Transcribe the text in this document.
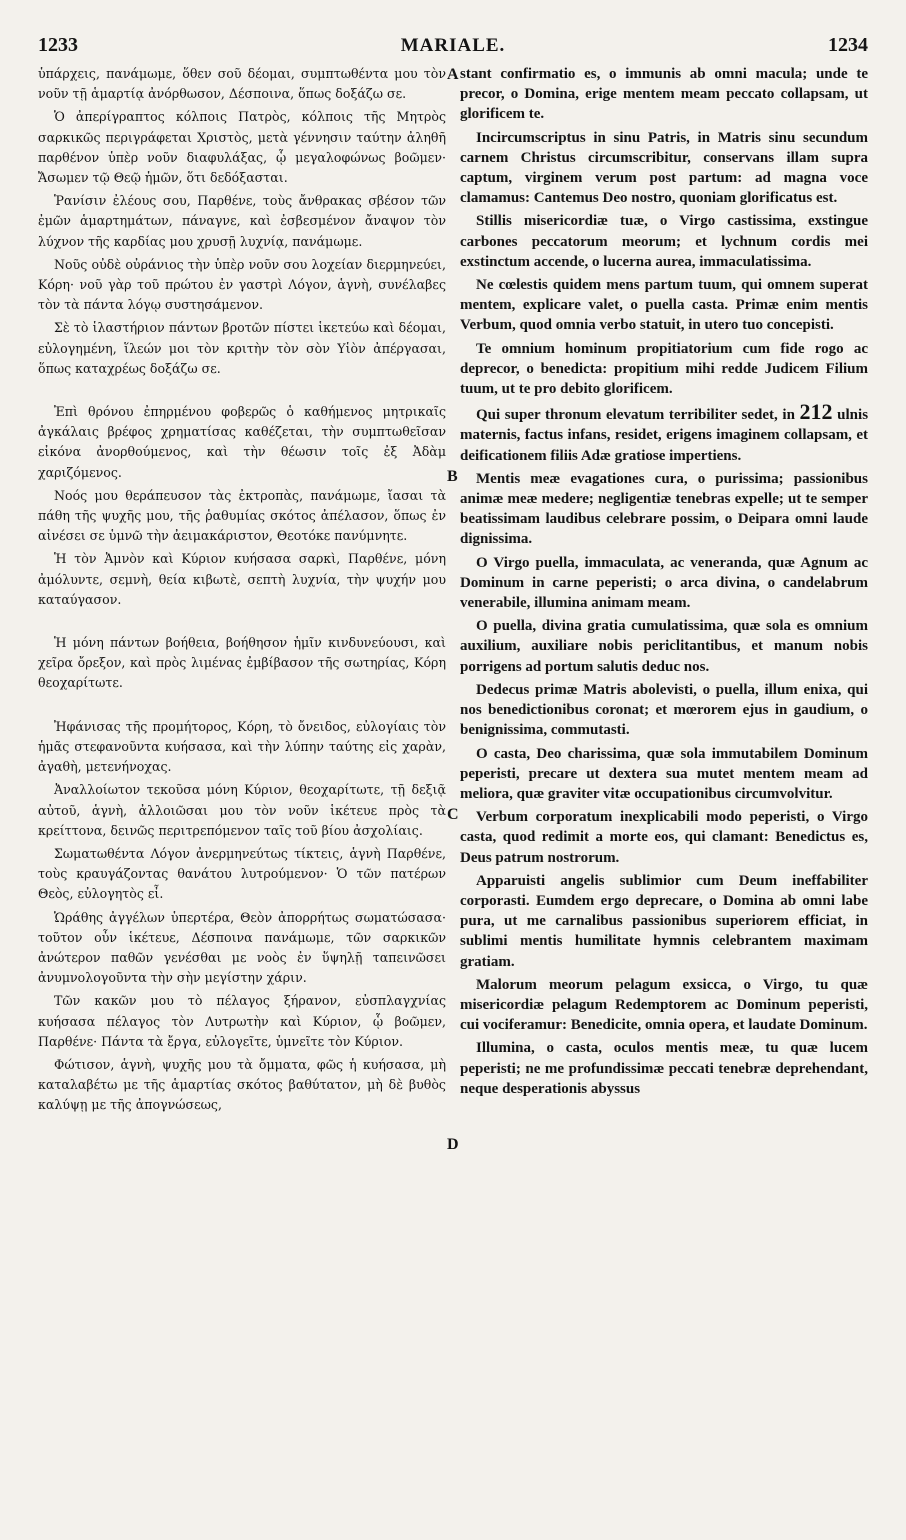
1233	MARIALE.	1234
A
B
C
D

ὑπάρχεις, πανάμωμε, ὅθεν σοῦ δέομαι, συμπτωθέντα μου τὸν νοῦν τῇ ἁμαρτίᾳ ἀνόρθωσον, Δέσποινα, ὅπως δοξάζω σε.

Ὁ ἀπερίγραπτος κόλποις Πατρὸς, κόλποις τῆς Μητρὸς σαρκικῶς περιγράφεται Χριστὸς, μετὰ γέννησιν ταύτην ἀληθῆ παρθένον ὑπὲρ νοῦν διαφυλάξας, ᾧ μεγαλοφώνως βοῶμεν· Ἄσωμεν τῷ Θεῷ ἡμῶν, ὅτι δεδόξασται.

Ῥανίσιν ἐλέους σου, Παρθένε, τοὺς ἄνθρακας σβέσον τῶν ἐμῶν ἁμαρτημάτων, πάναγνε, καὶ ἐσβεσμένον ἄναψον τὸν λύχνον τῆς καρδίας μου χρυσῇ λυχνίᾳ, πανάμωμε.

Νοῦς οὐδὲ οὐράνιος τὴν ὑπὲρ νοῦν σου λοχείαν διερμηνεύει, Κόρη· νοῦ γὰρ τοῦ πρώτου ἐν γαστρὶ Λόγον, ἁγνὴ, συνέλαβες τὸν τὰ πάντα λόγῳ συστησάμενον.

Σὲ τὸ ἱλαστήριον πάντων βροτῶν πίστει ἱκετεύω καὶ δέομαι, εὐλογημένη, ἵλεών μοι τὸν κριτὴν τὸν σὸν Υἱὸν ἀπέργασαι, ὅπως καταχρέως δοξάζω σε.

Ἐπὶ θρόνου ἐπηρμένου φοβερῶς ὁ καθήμενος μητρικαῖς ἀγκάλαις βρέφος χρηματίσας καθέζεται, τὴν συμπτωθεῖσαν εἰκόνα ἀνορθούμενος, καὶ τὴν θέωσιν τοῖς ἐξ Ἀδὰμ χαριζόμενος.

Νοός μου θεράπευσον τὰς ἐκτροπὰς, πανάμωμε, ἴασαι τὰ πάθη τῆς ψυχῆς μου, τῆς ῥαθυμίας σκότος ἀπέλασον, ὅπως ἐν αἰνέσει σε ὑμνῶ τὴν ἀειμακάριστον, Θεοτόκε πανύμνητε.

Ἡ τὸν Ἀμνὸν καὶ Κύριον κυήσασα σαρκὶ, Παρθένε, μόνη ἀμόλυντε, σεμνὴ, θεία κιβωτὲ, σεπτὴ λυχνία, τὴν ψυχήν μου καταύγασον.

Ἡ μόνη πάντων βοήθεια, βοήθησον ἡμῖν κινδυνεύουσι, καὶ χεῖρα ὄρεξον, καὶ πρὸς λιμένας ἐμβίβασον τῆς σωτηρίας, Κόρη θεοχαρίτωτε.

Ἠφάνισας τῆς προμήτορος, Κόρη, τὸ ὄνειδος, εὐλογίαις τὸν ἡμᾶς στεφανοῦντα κυήσασα, καὶ τὴν λύπην ταύτης εἰς χαρὰν, ἀγαθὴ, μετενήνοχας.

Ἀναλλοίωτον τεκοῦσα μόνη Κύριον, θεοχαρίτωτε, τῇ δεξιᾷ αὐτοῦ, ἁγνὴ, ἀλλοιῶσαι μου τὸν νοῦν ἱκέτευε πρὸς τὰ κρείττονα, δεινῶς περιτρεπόμενον ταῖς τοῦ βίου ἀσχολίαις.

Σωματωθέντα Λόγον ἀνερμηνεύτως τίκτεις, ἁγνὴ Παρθένε, τοὺς κραυγάζοντας θανάτου λυτρούμενον· Ὁ τῶν πατέρων Θεὸς, εὐλογητὸς εἶ.

Ὡράθης ἀγγέλων ὑπερτέρα, Θεὸν ἀπορρήτως σωματώσασα· τοῦτον οὖν ἱκέτευε, Δέσποινα πανάμωμε, τῶν σαρκικῶν ἀνώτερον παθῶν γενέσθαι με νοὸς ἐν ὕψηλῇ ταπεινῶσει ἀνυμνολογοῦντα τὴν σὴν μεγίστην χάριν.

Τῶν κακῶν μου τὸ πέλαγος ξήρανον, εὐσπλαγχνίας κυήσασα πέλαγος τὸν Λυτρωτὴν καὶ Κύριον, ᾧ βοῶμεν, Παρθένε· Πάντα τὰ ἔργα, εὐλογεῖτε, ὑμνεῖτε τὸν Κύριον.

Φώτισον, ἁγνὴ, ψυχῆς μου τὰ ὄμματα, φῶς ἡ κυήσασα, μὴ καταλαβέτω με τῆς ἁμαρτίας σκότος βαθύτατον, μὴ δὲ βυθὸς καλύψῃ με τῆς ἀπογνώσεως,

stant confirmatio es, o immunis ab omni macula; unde te precor, o Domina, erige mentem meam peccato collapsam, ut glorificem te.

Incircumscriptus in sinu Patris, in Matris sinu secundum carnem Christus circumscribitur, conservans illam supra captum, virginem verum post partum: ad magna voce clamamus: Cantemus Deo nostro, quoniam glorificatus est.

Stillis misericordiæ tuæ, o Virgo castissima, exstingue carbones peccatorum meorum; et lychnum cordis mei exstinctum accende, o lucerna aurea, immaculatissima.

Ne cœlestis quidem mens partum tuum, qui omnem superat mentem, explicare valet, o puella casta. Primæ enim mentis Verbum, quod omnia verbo statuit, in utero tuo concepisti.

Te omnium hominum propitiatorium cum fide rogo ac deprecor, o benedicta: propitium mihi redde Judicem Filium tuum, ut te pro debito glorificem.

Qui super thronum elevatum terribiliter sedet, in 212 ulnis maternis, factus infans, residet, erigens imaginem collapsam, et deificationem filiis Adæ gratiose impertiens.

Mentis meæ evagationes cura, o purissima; passionibus animæ meæ medere; negligentiæ tenebras expelle; ut te semper beatissimam laudibus celebrare possim, o Deipara omni laude dignissima.

O Virgo puella, immaculata, ac veneranda, quæ Agnum ac Dominum in carne peperisti; o arca divina, o candelabrum venerabile, illumina animam meam.

O puella, divina gratia cumulatissima, quæ sola es omnium auxilium, auxiliare nobis periclitantibus, et manum nobis porrigens ad portum salutis deduc nos.

Dedecus primæ Matris abolevisti, o puella, illum enixa, qui nos benedictionibus coronat; et mœrorem ejus in gaudium, o benignissima, commutasti.

O casta, Deo charissima, quæ sola immutabilem Dominum peperisti, precare ut dextera sua mutet mentem meam ad meliora, quæ graviter vitæ occupationibus circumvolvitur.

Verbum corporatum inexplicabili modo peperisti, o Virgo casta, quod redimit a morte eos, qui clamant: Benedictus es, Deus patrum nostrorum.

Apparuisti angelis sublimior cum Deum ineffabiliter corporasti. Eumdem ergo deprecare, o Domina ab omni labe pura, ut me carnalibus passionibus superiorem efficiat, in sublimi mentis humilitate hymnis celebrantem maximam gratiam.

Malorum meorum pelagum exsicca, o Virgo, tu quæ misericordiæ pelagum Redemptorem ac Dominum peperisti, cui vociferamur: Benedicite, omnia opera, et laudate Dominum.

Illumina, o casta, oculos mentis meæ, tu quæ lucem peperisti; ne me profundissimæ peccati tenebræ deprehendant, neque desperationis abyssus
